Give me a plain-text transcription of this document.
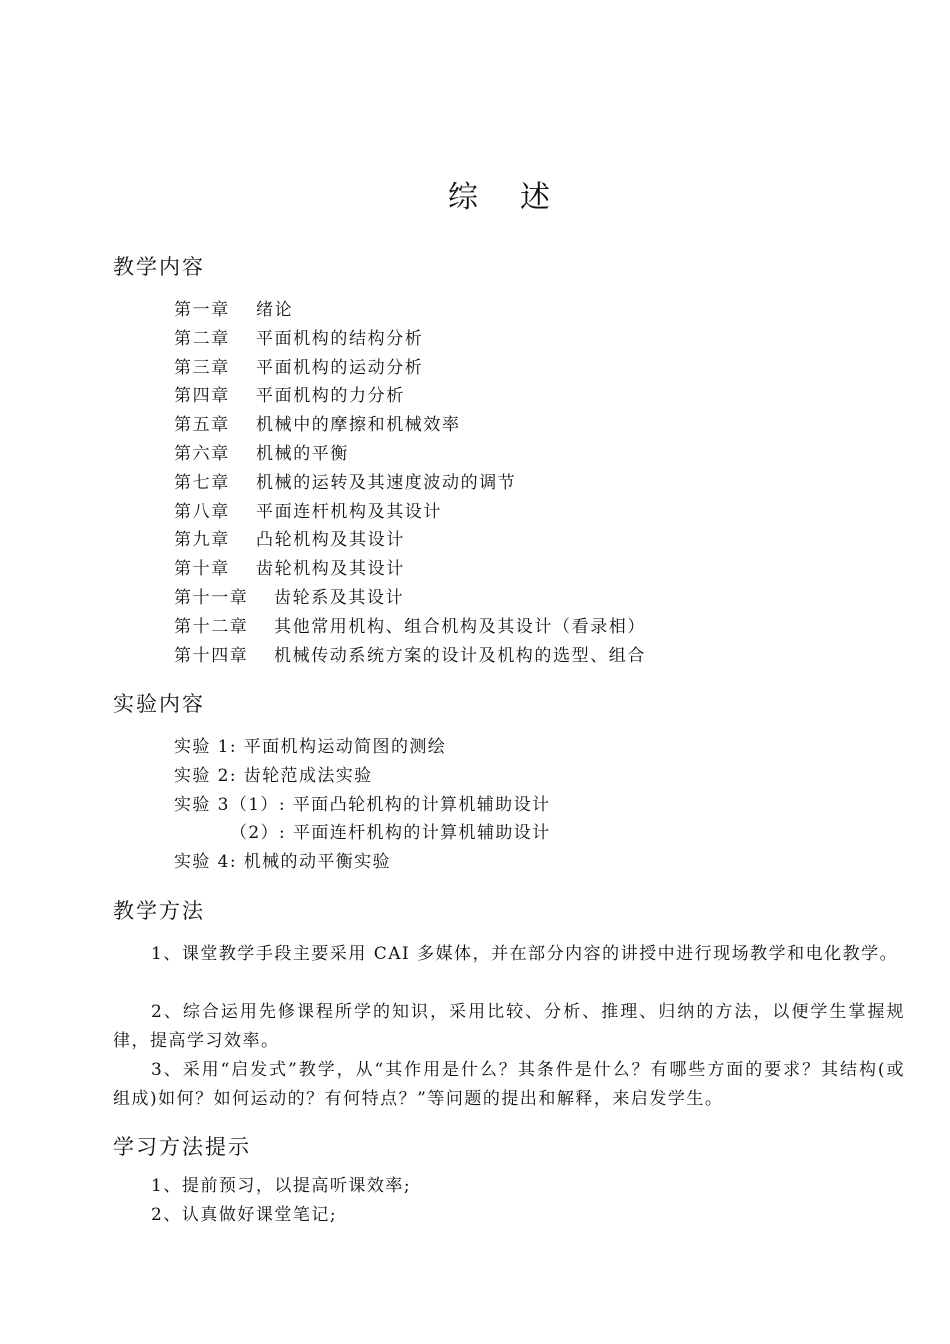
综述
教学内容
第一章 绪论
第二章 平面机构的结构分析
第三章 平面机构的运动分析
第四章 平面机构的力分析
第五章 机械中的摩擦和机械效率
第六章 机械的平衡
第七章 机械的运转及其速度波动的调节
第八章 平面连杆机构及其设计
第九章 凸轮机构及其设计
第十章 齿轮机构及其设计
第十一章 齿轮系及其设计
第十二章 其他常用机构、组合机构及其设计（看录相）
第十四章 机械传动系统方案的设计及机构的选型、组合
实验内容
实验 1: 平面机构运动简图的测绘
实验 2: 齿轮范成法实验
实验 3（1）: 平面凸轮机构的计算机辅助设计
（2）: 平面连杆机构的计算机辅助设计
实验 4: 机械的动平衡实验
教学方法

1、课堂教学手段主要采用 CAI 多媒体，并在部分内容的讲授中进行现场教学和电化教学。

2、综合运用先修课程所学的知识，采用比较、分析、推理、归纳的方法，以便学生掌握规律，提高学习效率。

3、采用“启发式”教学，从“其作用是什么？其条件是什么？有哪些方面的要求？其结构(或组成)如何？如何运动的？有何特点？”等问题的提出和解释，来启发学生。

学习方法提示

1、提前预习，以提高听课效率;

2、认真做好课堂笔记;
